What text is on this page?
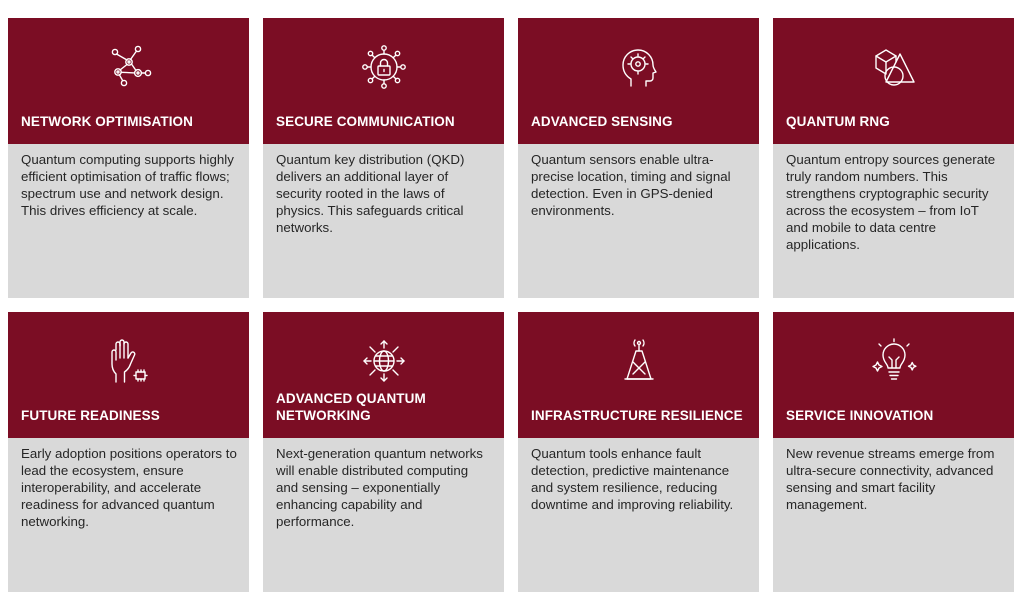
NETWORK OPTIMISATION
Quantum computing supports highly efficient optimisation of traffic flows; spectrum use and network design. This drives efficiency at scale.
SECURE COMMUNICATION
Quantum key distribution (QKD) delivers an additional layer of security rooted in the laws of physics. This safeguards critical networks.
ADVANCED SENSING
Quantum sensors enable ultra-precise location, timing and signal detection. Even in GPS-denied environments.
QUANTUM RNG
Quantum entropy sources generate truly random numbers. This strengthens cryptographic security across the ecosystem – from IoT and mobile to data centre applications.
FUTURE READINESS
Early adoption positions operators to lead the ecosystem, ensure interoperability, and accelerate readiness for advanced quantum networking.
ADVANCED QUANTUM NETWORKING
Next-generation quantum networks will enable distributed computing and sensing – exponentially enhancing capability and performance.
INFRASTRUCTURE RESILIENCE
Quantum tools enhance fault detection, predictive maintenance and system resilience, reducing downtime and improving reliability.
SERVICE INNOVATION
New revenue streams emerge from ultra-secure connectivity, advanced sensing and smart facility management.
